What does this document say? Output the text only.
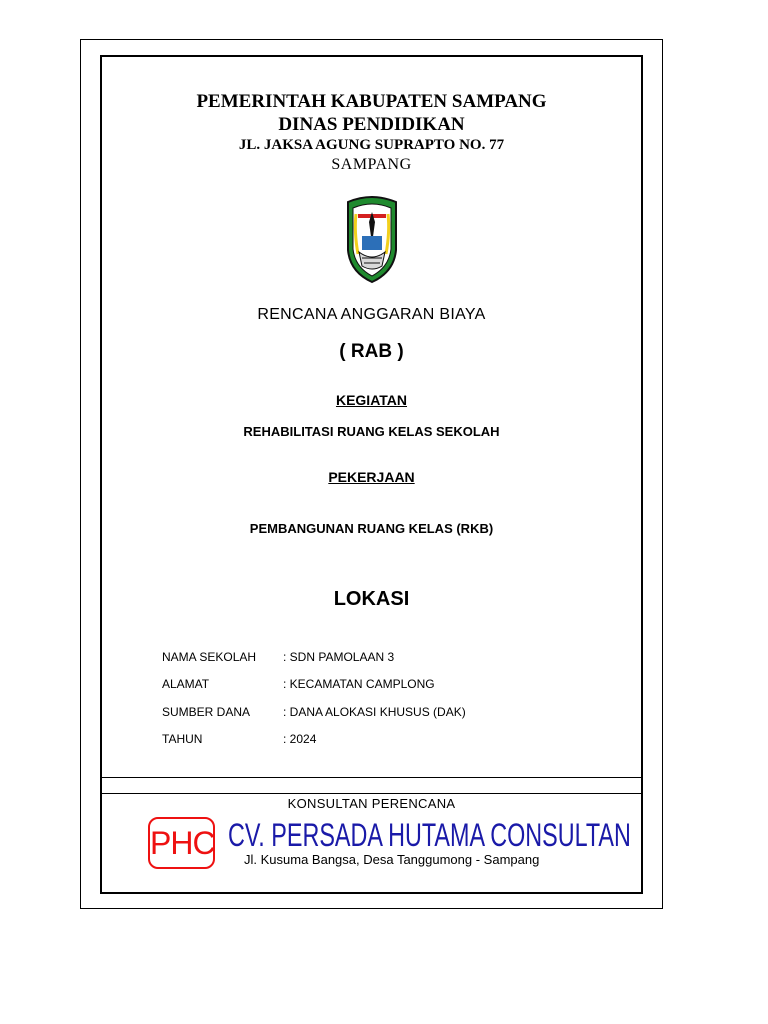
PEMERINTAH KABUPATEN SAMPANG
DINAS PENDIDIKAN
JL. JAKSA AGUNG SUPRAPTO NO. 77
SAMPANG
RENCANA ANGGARAN BIAYA
( RAB )
KEGIATAN
REHABILITASI RUANG KELAS SEKOLAH
PEKERJAAN
PEMBANGUNAN RUANG KELAS (RKB)
LOKASI
NAMA SEKOLAH : SDN PAMOLAAN 3
ALAMAT	: KECAMATAN CAMPLONG
SUMBER DANA	: DANA ALOKASI KHUSUS (DAK)
TAHUN	: 2024
KONSULTAN PERENCANA
PHC CV. PERSADA HUTAMA CONSULTAN
Jl. Kusuma Bangsa, Desa Tanggumong - Sampang
